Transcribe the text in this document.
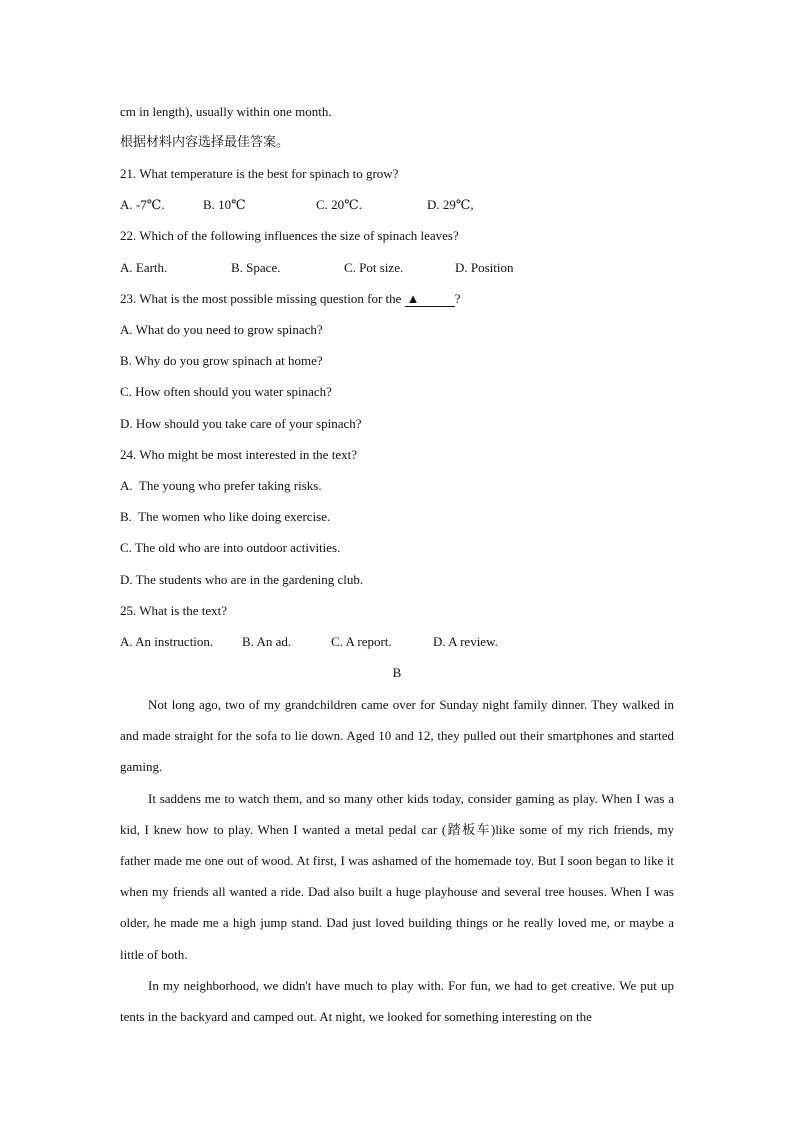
cm in length), usually within one month.
根据材料内容选择最佳答案。
21. What temperature is the best for spinach to grow?
A. -7℃.	B. 10℃	C. 20℃.	D. 29℃,
22. Which of the following influences the size of spinach leaves?
A. Earth.	B. Space.	C. Pot size.	D. Position
23. What is the most possible missing question for the ▲	?
A. What do you need to grow spinach?
B. Why do you grow spinach at home?
C. How often should you water spinach?
D. How should you take care of your spinach?
24. Who might be most interested in the text?
A.  The young who prefer taking risks.
B.  The women who like doing exercise.
C. The old who are into outdoor activities.
D. The students who are in the gardening club.
25. What is the text?
A. An instruction. B. An ad.	C. A report.	D. A review.
B

Not long ago, two of my grandchildren came over for Sunday night family dinner. They walked in and made straight for the sofa to lie down. Aged 10 and 12, they pulled out their smartphones and started gaming.

It saddens me to watch them, and so many other kids today, consider gaming as play. When I was a kid, I knew how to play. When I wanted a metal pedal car (踏板车)like some of my rich friends, my father made me one out of wood. At first, I was ashamed of the homemade toy. But I soon began to like it when my friends all wanted a ride. Dad also built a huge playhouse and several tree houses. When I was older, he made me a high jump stand. Dad just loved building things or he really loved me, or maybe a little of both.

In my neighborhood, we didn't have much to play with. For fun, we had to get creative. We put up tents in the backyard and camped out. At night, we looked for something interesting on the
